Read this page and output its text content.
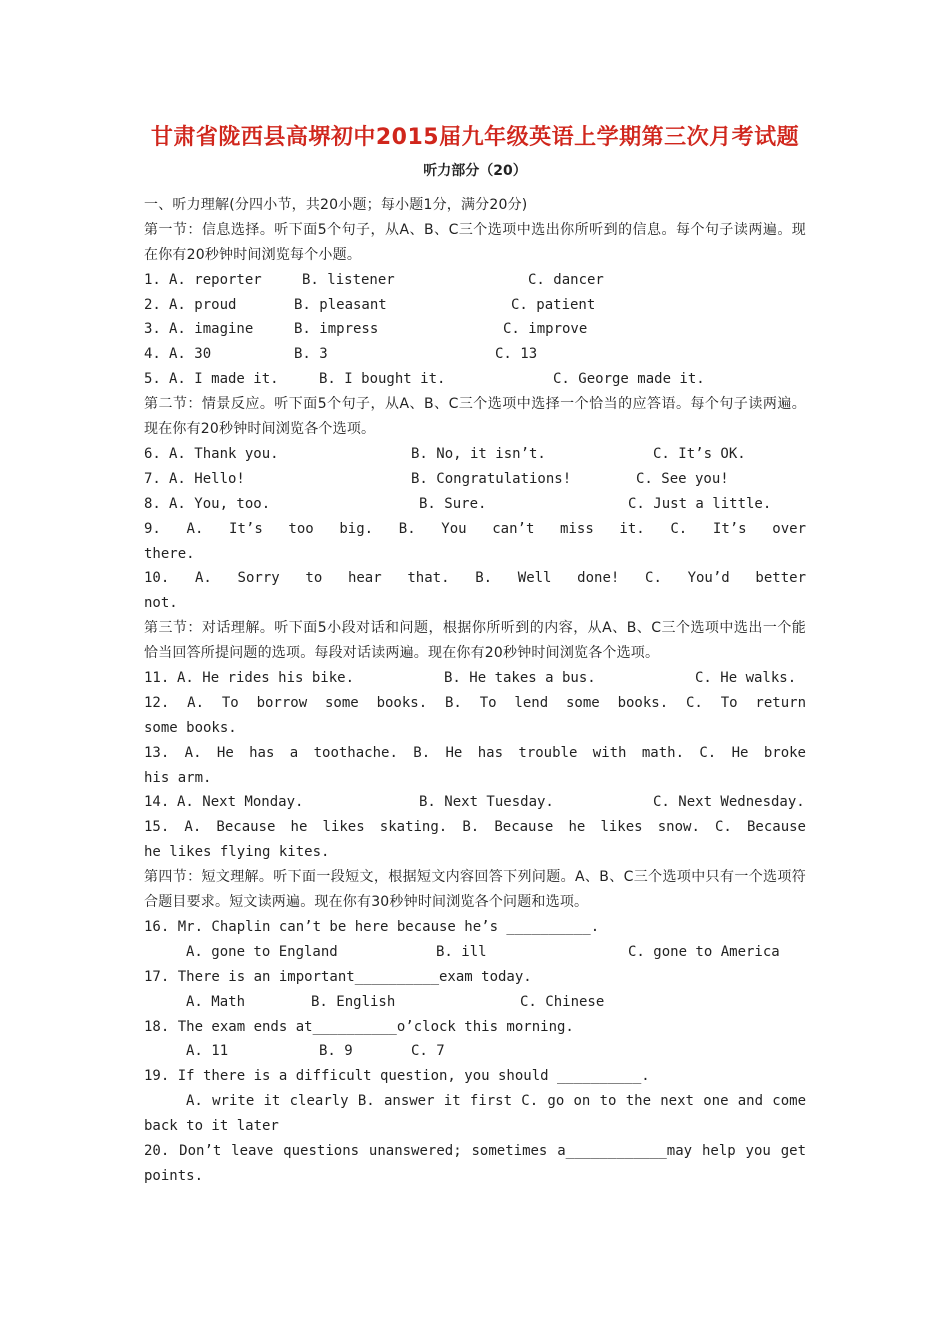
甘肃省陇西县高堺初中2015届九年级英语上学期第三次月考试题
听力部分（20）
一、听力理解(分四小节，共20小题；每小题1分，满分20分)
第一节：信息选择。听下面5个句子，从A、B、C三个选项中选出你所听到的信息。每个句子读两遍。现在你有20秒钟时间浏览每个小题。

1.

A. reporter

	B. listener

	C. dancer

2.

A. proud

	B. pleasant

	C. patient

3.

A. imagine

	B. impress

	C. improve

4.

A. 30

	B. 3

	C. 13

5.

A. I made it.

	B. I bought it.

	C. George made it.

第二节：情景反应。听下面5个句子，从A、B、C三个选项中选择一个恰当的应答语。每个句子读两遍。现在你有20秒钟时间浏览各个选项。

6.

A. Thank you.

	B. No, it isn’t.

	C. It’s OK.

7.

A. Hello!

	B. Congratulations!

	C. See you!

8.

A. You, too.

	B. Sure.

	C. Just a little.

9. A. It’s too big. B. You can’t miss it. C. It’s over
there.
10. A. Sorry to hear that. B. Well done! C. You’d better
not.
第三节：对话理解。听下面5小段对话和问题，根据你所听到的内容，从A、B、C三个选项中选出一个能恰当回答所提问题的选项。每段对话读两遍。现在你有20秒钟时间浏览各个选项。

11.

A. He rides his bike.

	B. He takes a bus.

	C. He walks.

12. A. To borrow some books. B. To lend some books. C. To return
some books.
13. A. He has a toothache. B. He has trouble with math. C. He broke
his arm.

14.

A. Next Monday.

	B. Next Tuesday.

	C. Next Wednesday.

15. A. Because he likes skating. B. Because he likes snow. C. Because
he likes flying kites.
第四节：短文理解。听下面一段短文，根据短文内容回答下列问题。A、B、C三个选项中只有一个选项符合题目要求。短文读两遍。现在你有30秒钟时间浏览各个问题和选项。
16. Mr. Chaplin can’t be here because he’s __________.

A. gone to England

	B. ill

	C. gone to America

17. There is an important__________exam today.

A. Math

	B. English

	C. Chinese

18. The exam ends at__________o’clock this morning.

A. 11

	B. 9

	C. 7

19. If there is a difficult question, you should __________.
A. write it clearly B. answer it first C. go on to the next one and come
back to it later
20. Don’t leave questions unanswered; sometimes a____________may help you get
points.
